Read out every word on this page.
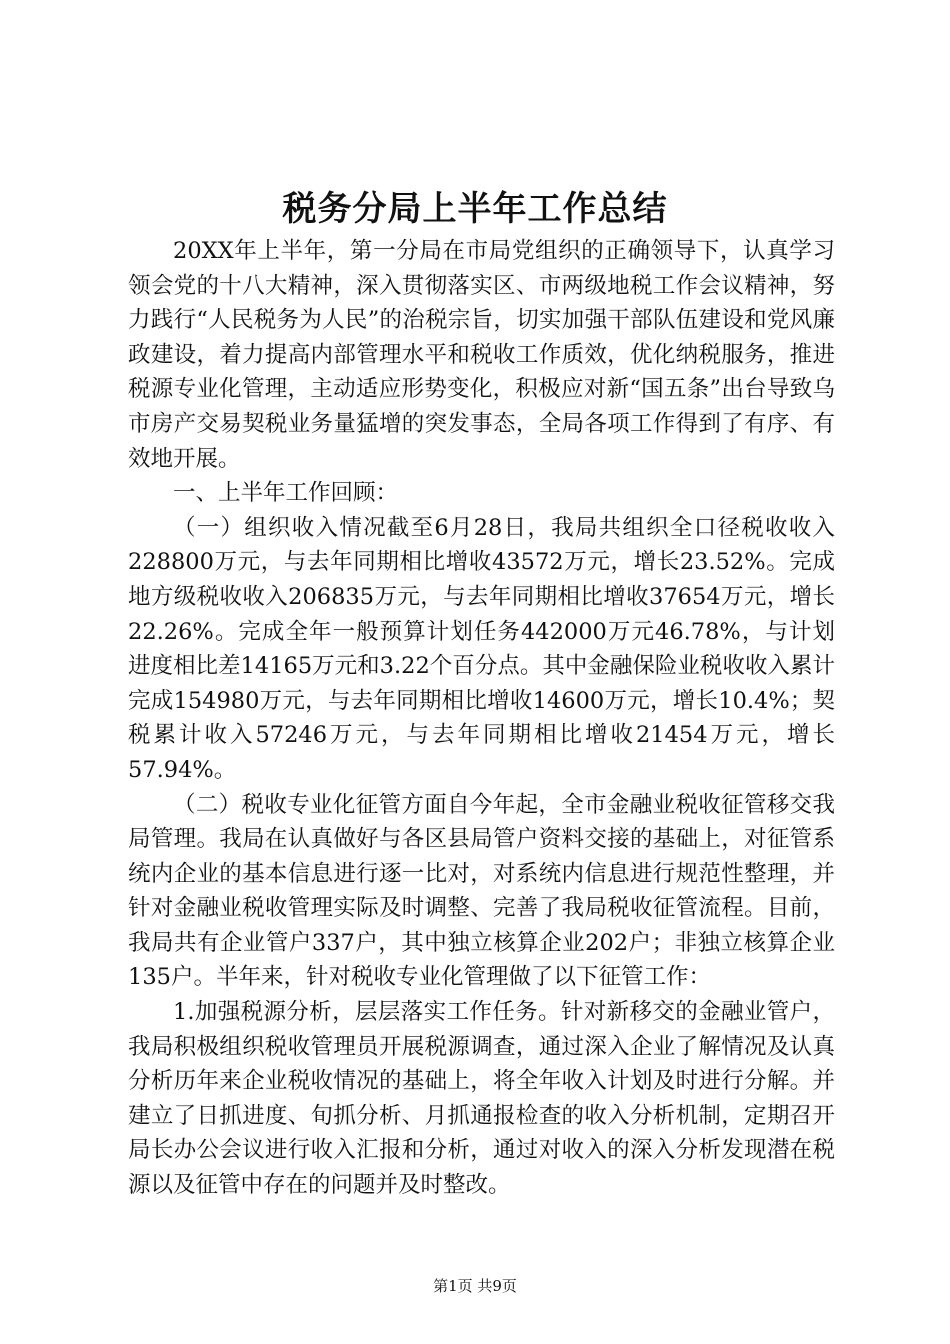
税务分局上半年工作总结

20XX年上半年，第一分局在市局党组织的正确领导下，认真学习领会党的十八大精神，深入贯彻落实区、市两级地税工作会议精神，努力践行“人民税务为人民”的治税宗旨，切实加强干部队伍建设和党风廉政建设，着力提高内部管理水平和税收工作质效，优化纳税服务，推进税源专业化管理，主动适应形势变化，积极应对新“国五条”出台导致乌市房产交易契税业务量猛增的突发事态，全局各项工作得到了有序、有效地开展。

一、上半年工作回顾：

（一）组织收入情况截至6月28日，我局共组织全口径税收收入228800万元，与去年同期相比增收43572万元，增长23.52%。完成地方级税收收入206835万元，与去年同期相比增收37654万元，增长22.26%。完成全年一般预算计划任务442000万元46.78%，与计划进度相比差14165万元和3.22个百分点。其中金融保险业税收收入累计完成154980万元，与去年同期相比增收14600万元，增长10.4%；契税累计收入57246万元，与去年同期相比增收21454万元，增长57.94%。

（二）税收专业化征管方面自今年起，全市金融业税收征管移交我局管理。我局在认真做好与各区县局管户资料交接的基础上，对征管系统内企业的基本信息进行逐一比对，对系统内信息进行规范性整理，并针对金融业税收管理实际及时调整、完善了我局税收征管流程。目前，我局共有企业管户337户，其中独立核算企业202户；非独立核算企业135户。半年来，针对税收专业化管理做了以下征管工作：

1.加强税源分析，层层落实工作任务。针对新移交的金融业管户，我局积极组织税收管理员开展税源调查，通过深入企业了解情况及认真分析历年来企业税收情况的基础上，将全年收入计划及时进行分解。并建立了日抓进度、旬抓分析、月抓通报检查的收入分析机制，定期召开局长办公会议进行收入汇报和分析，通过对收入的深入分析发现潜在税源以及征管中存在的问题并及时整改。

第1页 共9页
